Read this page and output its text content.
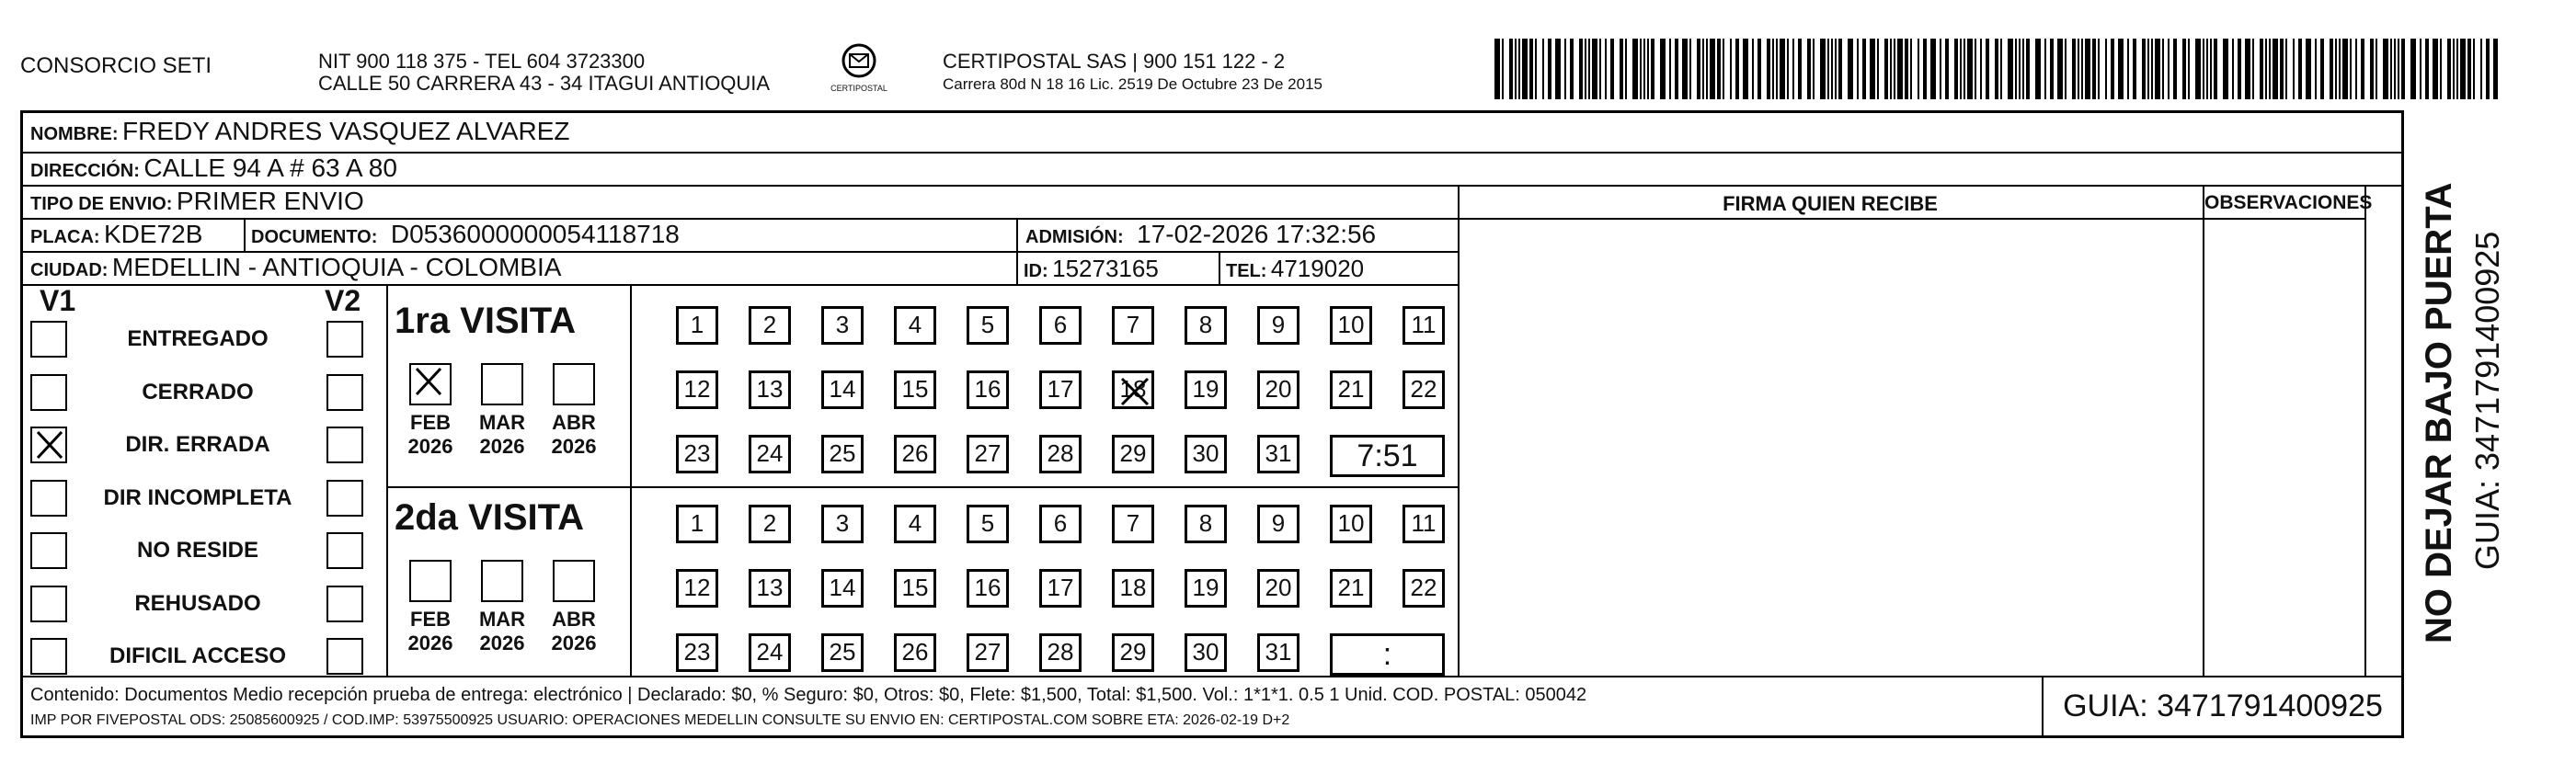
CONSORCIO SETI	NIT 900 118 375 - TEL 604 3723300
CALLE 50 CARRERA 43 - 34 ITAGUI ANTIOQUIA	CERTIPOSTAL
CERTIPOSTAL SAS | 900 151 122 - 2
Carrera 80d N 18 16 Lic. 2519 De Octubre 23 De 2015
NOMBRE: FREDY ANDRES VASQUEZ ALVAREZ
DIRECCIÓN: CALLE 94 A # 63 A 80
TIPO DE ENVIO: PRIMER ENVIO
PLACA: KDE72B	DOCUMENTO: D0536000000054118718	ADMISIÓN: 17-02-2026 17:32:56
CIUDAD: MEDELLIN - ANTIOQUIA - COLOMBIA	ID: 15273165	TEL: 4719020
FIRMA QUIEN RECIBE	OBSERVACIONES
V1	V2
ENTREGADO
CERRADO
DIR. ERRADA
DIR INCOMPLETA
NO RESIDE
REHUSADO
DIFICIL ACCESO
1ra VISITA
FEB
2026
MAR
2026
ABR
2026
1	2	3	4	5	6	7	8	9	10	11
12	13	14	15	16	17	18	19	20	21	22
23	24	25	26	27	28	29	30	31	7:51
2da VISITA
FEB
2026
MAR
2026
ABR
2026
1	2	3	4	5	6	7	8	9	10	11
12	13	14	15	16	17	18	19	20	21	22
23	24	25	26	27	28	29	30	31	:
Contenido: Documentos Medio recepción prueba de entrega: electrónico | Declarado: $0, % Seguro: $0, Otros: $0, Flete: $1,500, Total: $1,500. Vol.: 1*1*1. 0.5 1 Unid. COD. POSTAL: 050042
IMP POR FIVEPOSTAL ODS: 25085600925 / COD.IMP: 53975500925 USUARIO: OPERACIONES MEDELLIN CONSULTE SU ENVIO EN: CERTIPOSTAL.COM SOBRE ETA: 2026-02-19 D+2	GUIA: 3471791400925
NO DEJAR BAJO PUERTA GUIA: 3471791400925
